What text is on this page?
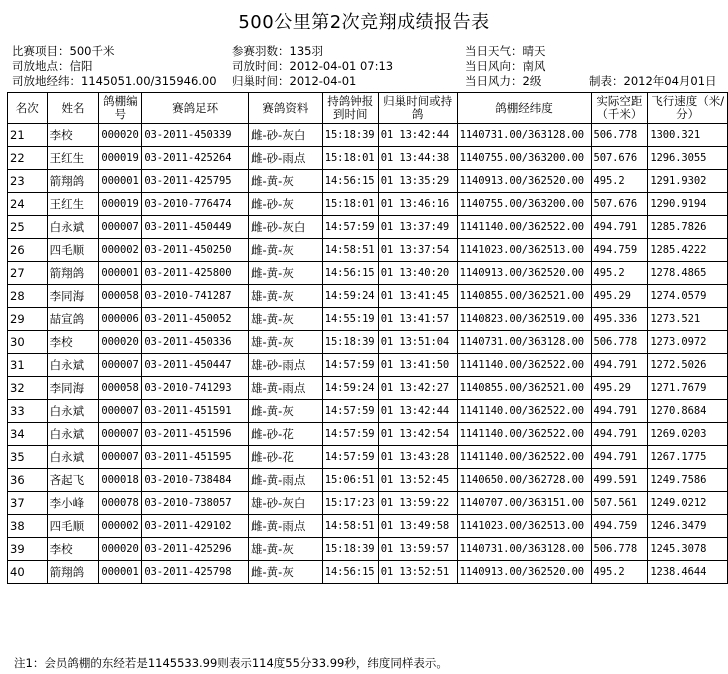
500公里第2次竞翔成绩报告表
比赛项目：500千米
司放地点：信阳
司放地经纬：1145051.00/315946.00
参赛羽数：135羽
司放时间：2012-04-01 07:13
归巢时间：2012-04-01
当日天气：晴天
当日风向：南风
当日风力：2级	制表：2012年04月01日
名次	姓名	鸽棚编号	赛鸽足环	赛鸽资料	持鸽钟报到时间	归巢时间或持鸽	鸽棚经纬度	实际空距（千米）	飞行速度（米/分）
21	李校	000020	03-2011-450339	雌-砂-灰白	15:18:39	01 13:42:44	1140731.00/363128.00	506.778	1300.321
22	王红生	000019	03-2011-425264	雌-砂-雨点	15:18:01	01 13:44:38	1140755.00/363200.00	507.676	1296.3055
23	箭翔鸽	000001	03-2011-425795	雌-黄-灰	14:56:15	01 13:35:29	1140913.00/362520.00	495.2	1291.9302
24	王红生	000019	03-2010-776474	雌-砂-灰	15:18:01	01 13:46:16	1140755.00/363200.00	507.676	1290.9194
25	白永斌	000007	03-2011-450449	雌-砂-灰白	14:57:59	01 13:37:49	1141140.00/362522.00	494.791	1285.7826
26	四毛顺	000002	03-2011-450250	雌-黄-灰	14:58:51	01 13:37:54	1141023.00/362513.00	494.759	1285.4222
27	箭翔鸽	000001	03-2011-425800	雌-黄-灰	14:56:15	01 13:40:20	1140913.00/362520.00	495.2	1278.4865
28	李同海	000058	03-2010-741287	雄-黄-灰	14:59:24	01 13:41:45	1140855.00/362521.00	495.29	1274.0579
29	喆宣鸽	000006	03-2011-450052	雄-黄-灰	14:55:19	01 13:41:57	1140823.00/362519.00	495.336	1273.521
30	李校	000020	03-2011-450336	雄-黄-灰	15:18:39	01 13:51:04	1140731.00/363128.00	506.778	1273.0972
31	白永斌	000007	03-2011-450447	雄-砂-雨点	14:57:59	01 13:41:50	1141140.00/362522.00	494.791	1272.5026
32	李同海	000058	03-2010-741293	雄-黄-雨点	14:59:24	01 13:42:27	1140855.00/362521.00	495.29	1271.7679
33	白永斌	000007	03-2011-451591	雌-黄-灰	14:57:59	01 13:42:44	1141140.00/362522.00	494.791	1270.8684
34	白永斌	000007	03-2011-451596	雌-砂-花	14:57:59	01 13:42:54	1141140.00/362522.00	494.791	1269.0203
35	白永斌	000007	03-2011-451595	雌-砂-花	14:57:59	01 13:43:28	1141140.00/362522.00	494.791	1267.1775
36	吝起飞	000018	03-2010-738484	雌-黄-雨点	15:06:51	01 13:52:45	1140650.00/362728.00	499.591	1249.7586
37	李小峰	000078	03-2010-738057	雄-砂-灰白	15:17:23	01 13:59:22	1140707.00/363151.00	507.561	1249.0212
38	四毛顺	000002	03-2011-429102	雌-黄-雨点	14:58:51	01 13:49:58	1141023.00/362513.00	494.759	1246.3479
39	李校	000020	03-2011-425296	雄-黄-灰	15:18:39	01 13:59:57	1140731.00/363128.00	506.778	1245.3078
40	箭翔鸽	000001	03-2011-425798	雌-黄-灰	14:56:15	01 13:52:51	1140913.00/362520.00	495.2	1238.4644
注1：会员鸽棚的东经若是1145533.99则表示114度55分33.99秒，纬度同样表示。
